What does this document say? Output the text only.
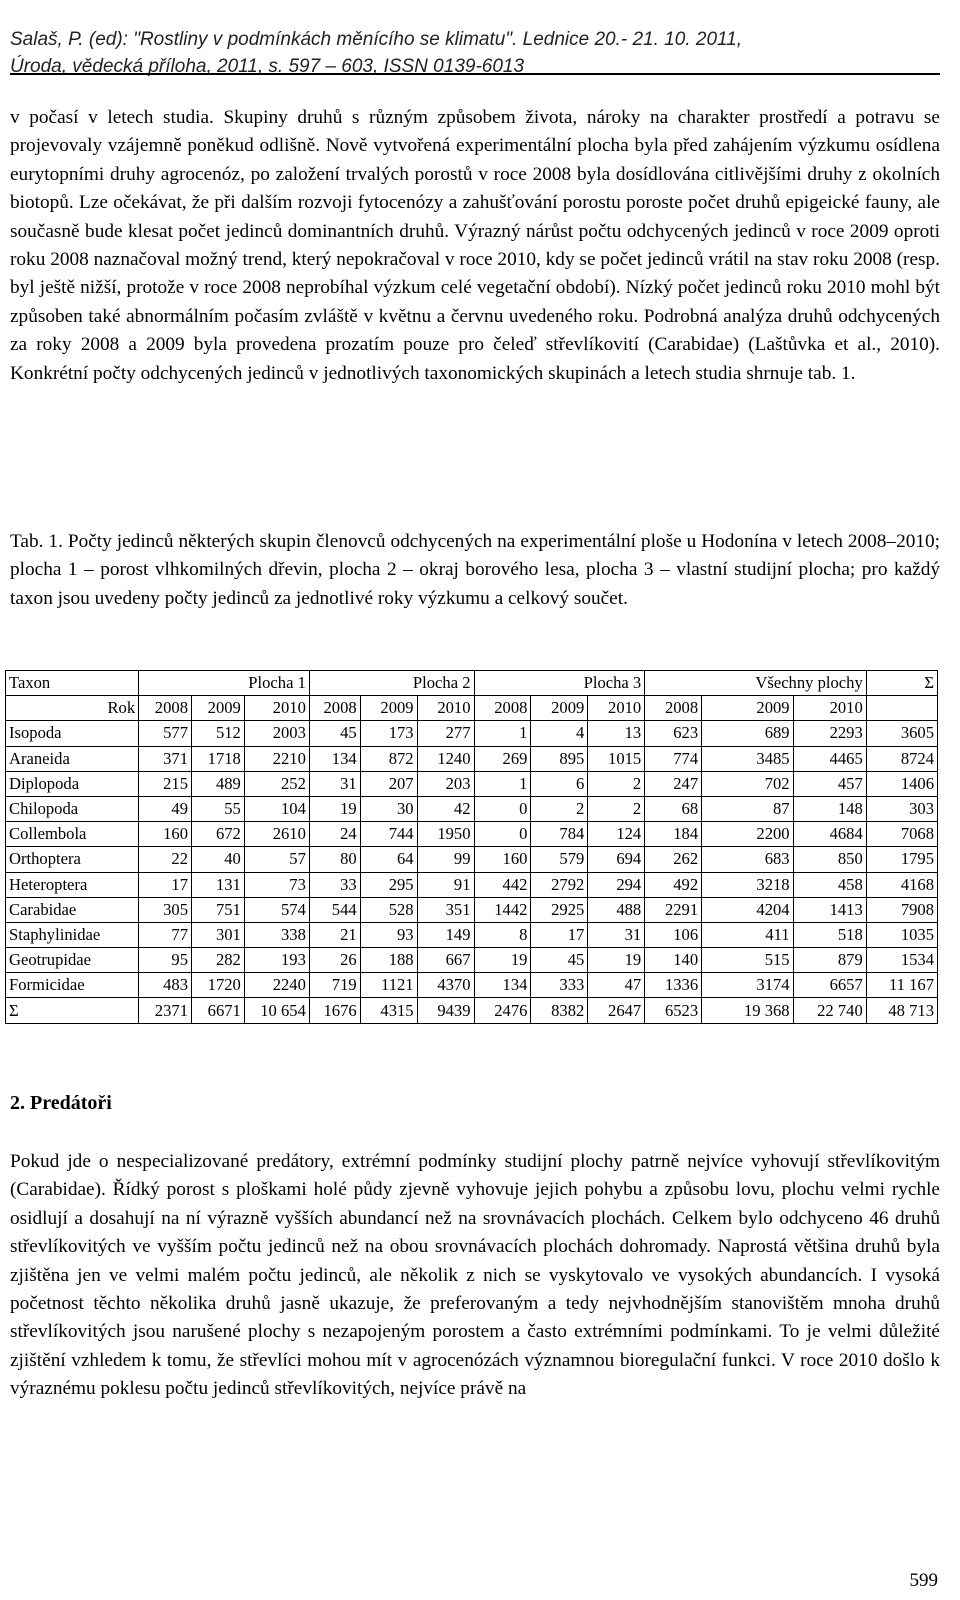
Salaš, P. (ed): "Rostliny v podmínkách měnícího se klimatu". Lednice 20.- 21. 10. 2011,
Úroda, vědecká příloha, 2011, s. 597 – 603, ISSN 0139-6013

v počasí v letech studia. Skupiny druhů s různým způsobem života, nároky na charakter prostředí a potravu se projevovaly vzájemně poněkud odlišně. Nově vytvořená experimentální plocha byla před zahájením výzkumu osídlena eurytopními druhy agrocenóz, po založení trvalých porostů v roce 2008 byla dosídlována citlivějšími druhy z okolních biotopů. Lze očekávat, že při dalším rozvoji fytocenózy a zahušťování porostu poroste počet druhů epigeické fauny, ale současně bude klesat počet jedinců dominantních druhů. Výrazný nárůst počtu odchycených jedinců v roce 2009 oproti roku 2008 naznačoval možný trend, který nepokračoval v roce 2010, kdy se počet jedinců vrátil na stav roku 2008 (resp. byl ještě nižší, protože v roce 2008 neprobíhal výzkum celé vegetační období). Nízký počet jedinců roku 2010 mohl být způsoben také abnormálním počasím zvláště v květnu a červnu uvedeného roku. Podrobná analýza druhů odchycených za roky 2008 a 2009 byla provedena prozatím pouze pro čeleď střevlíkovití (Carabidae) (Laštůvka et al., 2010). Konkrétní počty odchycených jedinců v jednotlivých taxonomických skupinách a letech studia shrnuje tab. 1.

Tab. 1. Počty jedinců některých skupin členovců odchycených na experimentální ploše u Hodonína v letech 2008–2010; plocha 1 – porost vlhkomilných dřevin, plocha 2 – okraj borového lesa, plocha 3 – vlastní studijní plocha; pro každý taxon jsou uvedeny počty jedinců za jednotlivé roky výzkumu a celkový součet.

Taxon	Plocha 1			Plocha 2			Plocha 3			Všechny plochy			Σ
Rok	2008	2009	2010	2008	2009	2010	2008	2009	2010	2008	2009	2010	
Isopoda	577	512	2003	45	173	277	1	4	13	623	689	2293	3605
Araneida	371	1718	2210	134	872	1240	269	895	1015	774	3485	4465	8724
Diplopoda	215	489	252	31	207	203	1	6	2	247	702	457	1406
Chilopoda	49	55	104	19	30	42	0	2	2	68	87	148	303
Collembola	160	672	2610	24	744	1950	0	784	124	184	2200	4684	7068
Orthoptera	22	40	57	80	64	99	160	579	694	262	683	850	1795
Heteroptera	17	131	73	33	295	91	442	2792	294	492	3218	458	4168
Carabidae	305	751	574	544	528	351	1442	2925	488	2291	4204	1413	7908
Staphylinidae	77	301	338	21	93	149	8	17	31	106	411	518	1035
Geotrupidae	95	282	193	26	188	667	19	45	19	140	515	879	1534
Formicidae	483	1720	2240	719	1121	4370	134	333	47	1336	3174	6657	11 167
Σ	2371	6671	10 654	1676	4315	9439	2476	8382	2647	6523	19 368	22 740	48 713

2. Predátoři

Pokud jde o nespecializované predátory, extrémní podmínky studijní plochy patrně nejvíce vyhovují střevlíkovitým (Carabidae). Řídký porost s ploškami holé půdy zjevně vyhovuje jejich pohybu a způsobu lovu, plochu velmi rychle osidlují a dosahují na ní výrazně vyšších abundancí než na srovnávacích plochách. Celkem bylo odchyceno 46 druhů střevlíkovitých ve vyšším počtu jedinců než na obou srovnávacích plochách dohromady. Naprostá většina druhů byla zjištěna jen ve velmi malém počtu jedinců, ale několik z nich se vyskytovalo ve vysokých abundancích. I vysoká početnost těchto několika druhů jasně ukazuje, že preferovaným a tedy nejvhodnějším stanovištěm mnoha druhů střevlíkovitých jsou narušené plochy s nezapojeným porostem a často extrémními podmínkami. To je velmi důležité zjištění vzhledem k tomu, že střevlíci mohou mít v agrocenózách významnou bioregulační funkci. V roce 2010 došlo k výraznému poklesu počtu jedinců střevlíkovitých, nejvíce právě na

599
